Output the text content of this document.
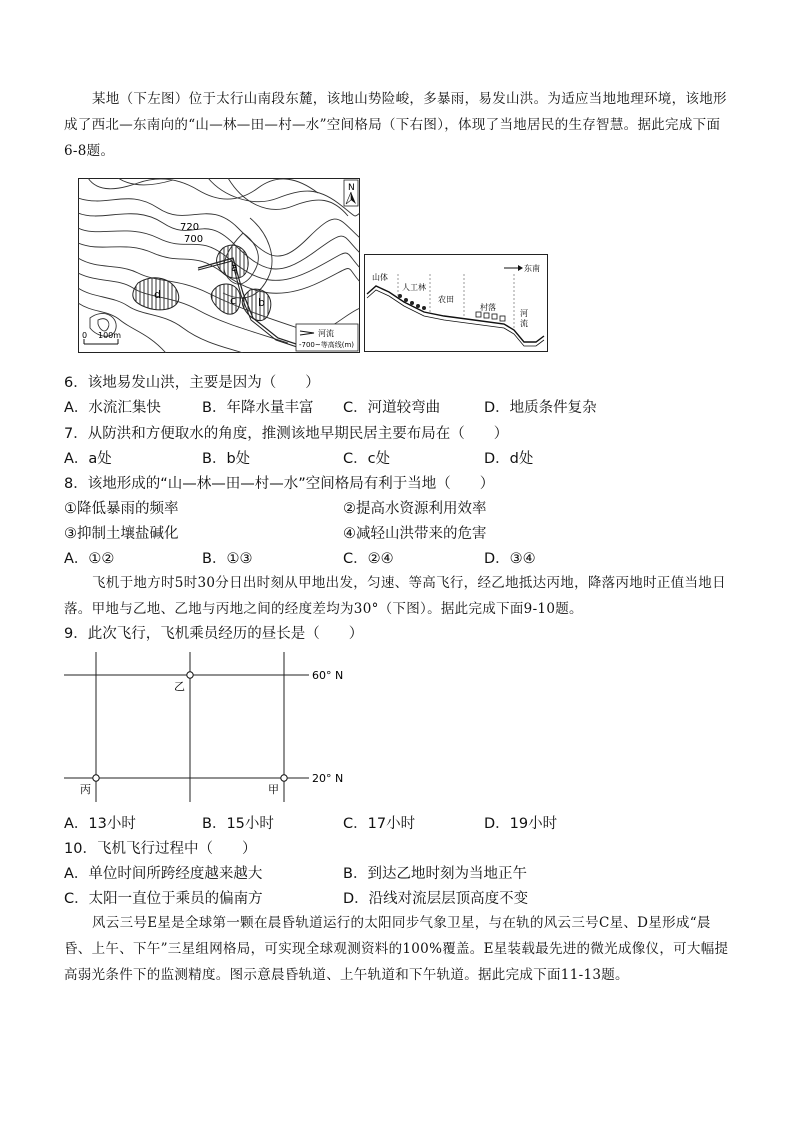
某地（下左图）位于太行山南段东麓，该地山势险峻，多暴雨，易发山洪。为适应当地地理环境，该地形成了西北—东南向的“山—林—田—村—水”空间格局（下右图），体现了当地居民的生存智慧。据此完成下面6-8题。
720
700
a
b
c
d
N
0 100m	河流
-700~等高线(m)
山体
人工林
农田
村落
河
流
东南
6．该地易发山洪，主要是因为（　　）
A．水流汇集快	B．年降水量丰富 C．河道较弯曲	D．地质条件复杂
7．从防洪和方便取水的角度，推测该地早期民居主要布局在（　　）
A．a处	B．b处	C．c处	D．d处
8．该地形成的“山—林—田—村—水”空间格局有利于当地（　　）
①降低暴雨的频率	②提高水资源利用效率
③抑制土壤盐碱化	④减轻山洪带来的危害
A．①②	B．①③	C．②④	D．③④
飞机于地方时5时30分日出时刻从甲地出发，匀速、等高飞行，经乙地抵达丙地，降落丙地时正值当地日落。甲地与乙地、乙地与丙地之间的经度差均为30°（下图）。据此完成下面9-10题。
9．此次飞行，飞机乘员经历的昼长是（　　）
乙
丙	甲
60° N
20° N
A．13小时	B．15小时	C．17小时	D．19小时
10．飞机飞行过程中（　　）
A．单位时间所跨经度越来越大	B．到达乙地时刻为当地正午
C．太阳一直位于乘员的偏南方	D．沿线对流层层顶高度不变
风云三号E星是全球第一颗在晨昏轨道运行的太阳同步气象卫星，与在轨的风云三号C星、D星形成“晨昏、上午、下午”三星组网格局，可实现全球观测资料的100%覆盖。E星装载最先进的微光成像仪，可大幅提高弱光条件下的监测精度。图示意晨昏轨道、上午轨道和下午轨道。据此完成下面11-13题。
